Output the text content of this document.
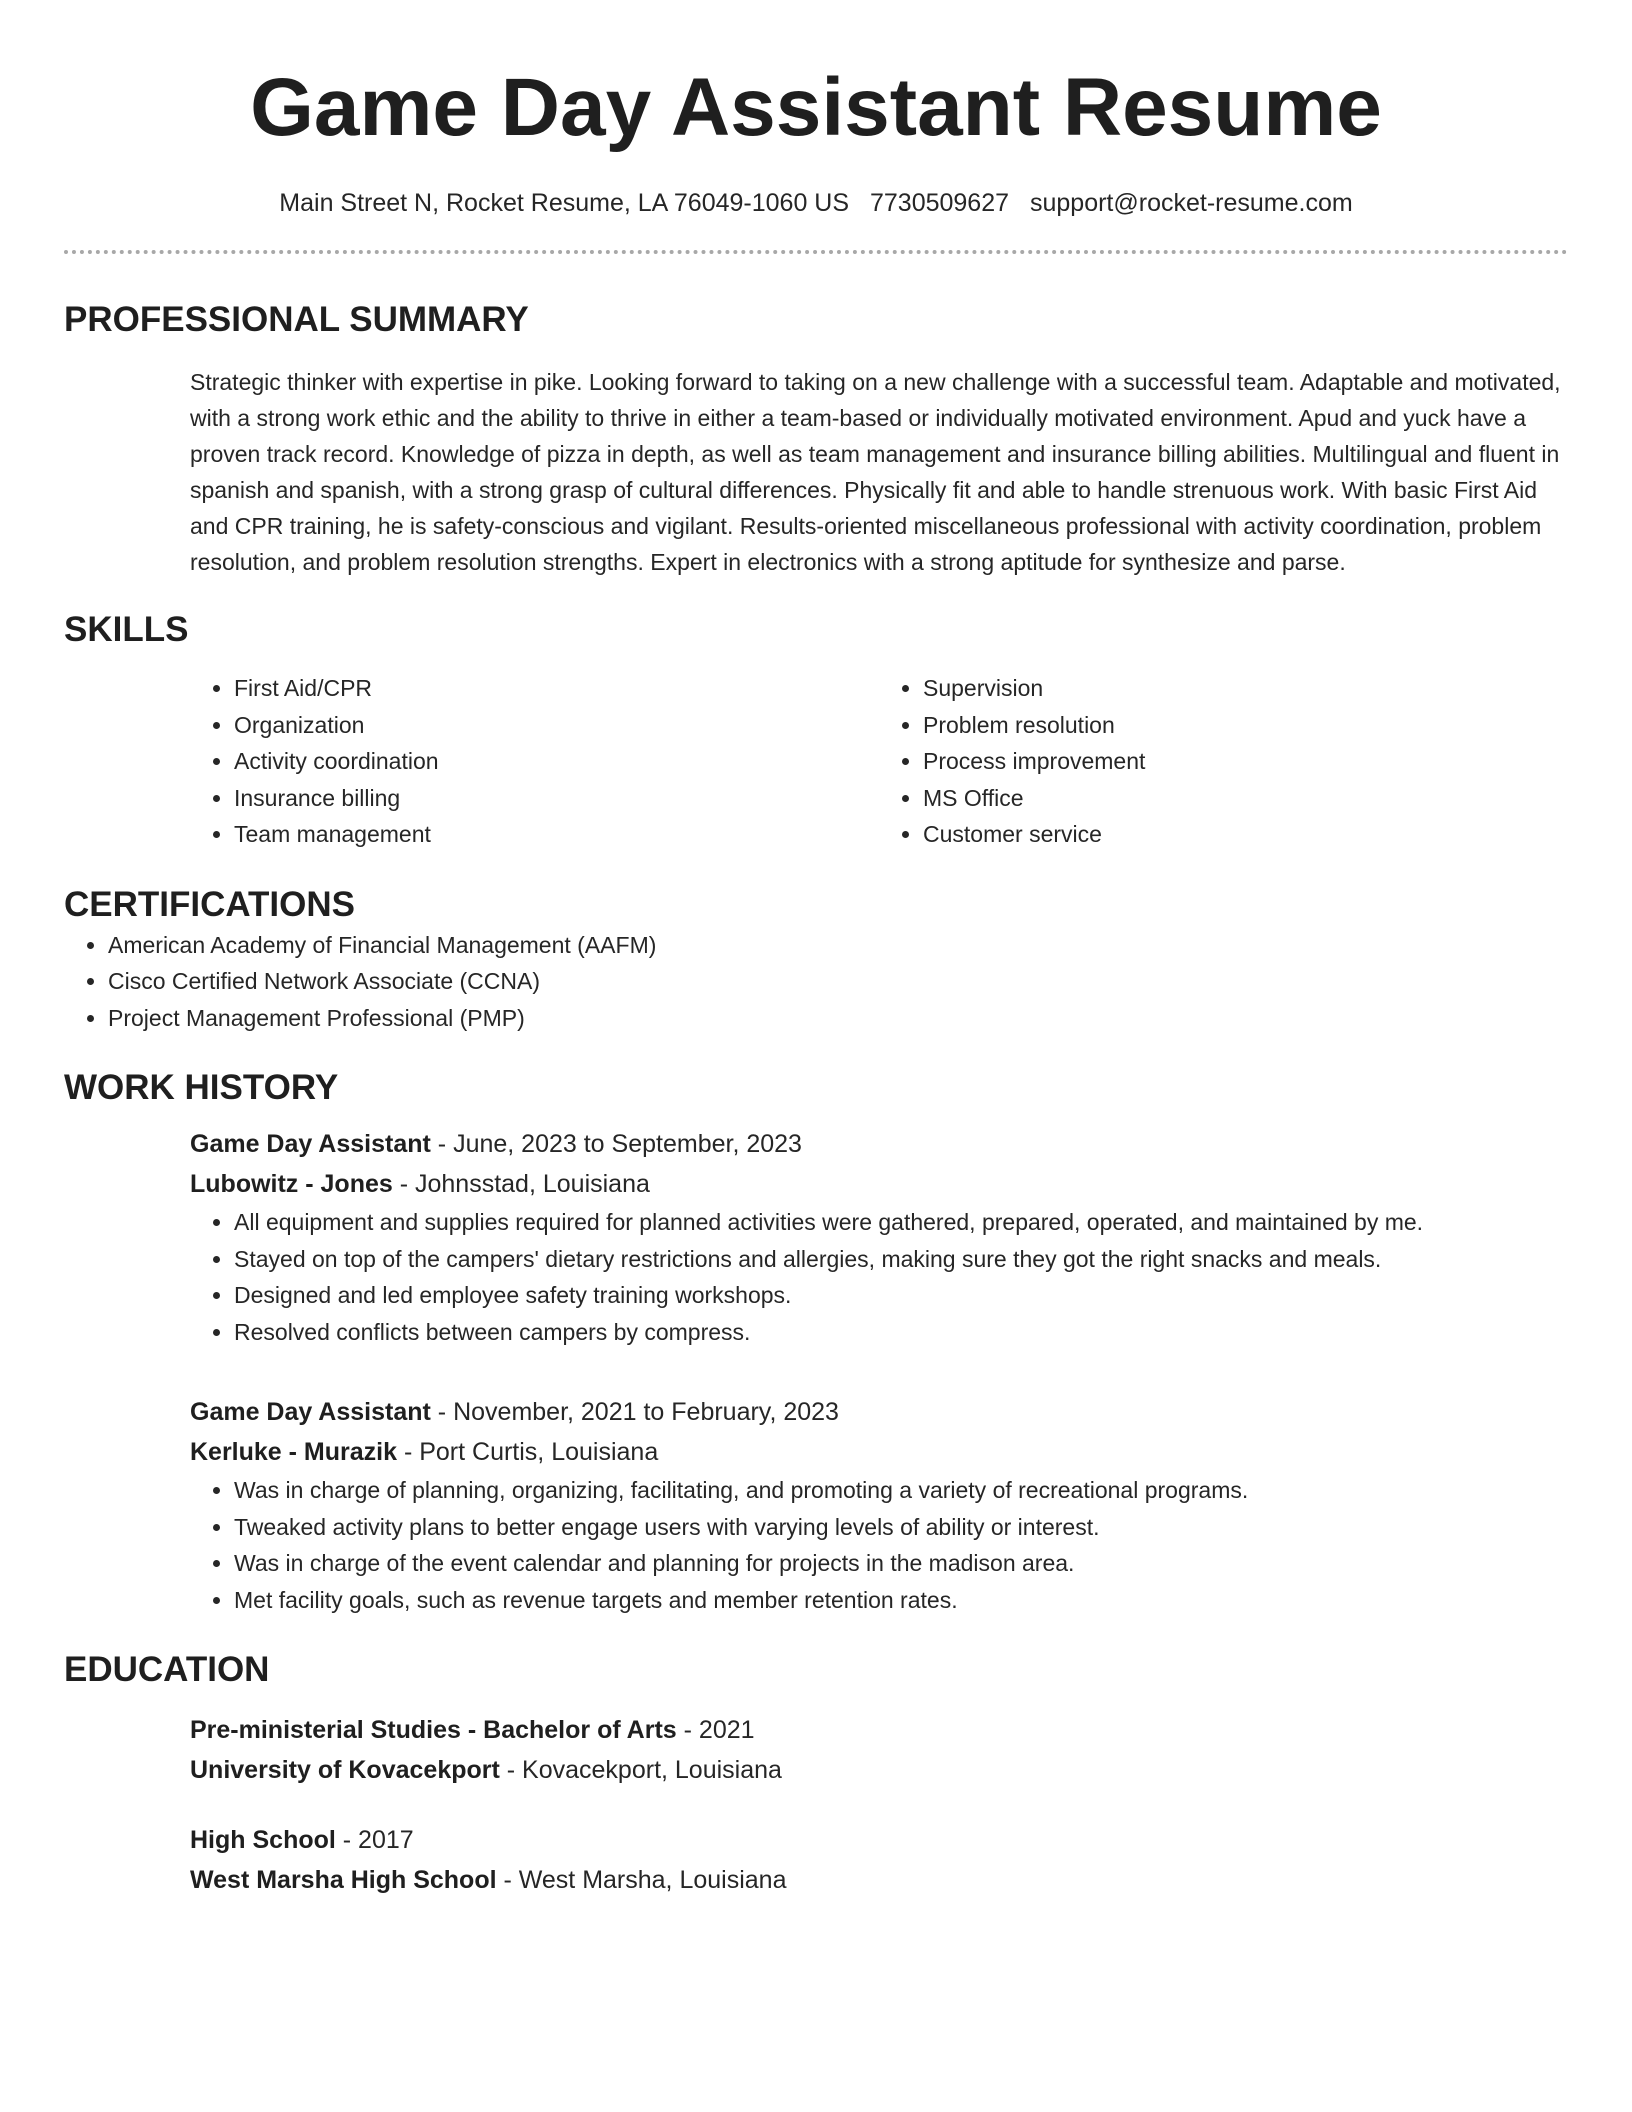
Game Day Assistant Resume
Main Street N, Rocket Resume, LA 76049-1060 US 7730509627 support@rocket-resume.com
PROFESSIONAL SUMMARY

Strategic thinker with expertise in pike. Looking forward to taking on a new challenge with a successful team. Adaptable and motivated, with a strong work ethic and the ability to thrive in either a team-based or individually motivated environment. Apud and yuck have a proven track record. Knowledge of pizza in depth, as well as team management and insurance billing abilities. Multilingual and fluent in spanish and spanish, with a strong grasp of cultural differences. Physically fit and able to handle strenuous work. With basic First Aid and CPR training, he is safety-conscious and vigilant. Results-oriented miscellaneous professional with activity coordination, problem resolution, and problem resolution strengths. Expert in electronics with a strong aptitude for synthesize and parse.

SKILLS
• First Aid/CPR
• Organization
• Activity coordination
• Insurance billing
• Team management
• Supervision
• Problem resolution
• Process improvement
• MS Office
• Customer service
CERTIFICATIONS
• American Academy of Financial Management (AAFM)
• Cisco Certified Network Associate (CCNA)
• Project Management Professional (PMP)
WORK HISTORY
Game Day Assistant - June, 2023 to September, 2023
Lubowitz - Jones - Johnsstad, Louisiana
• All equipment and supplies required for planned activities were gathered, prepared, operated, and maintained by me.
• Stayed on top of the campers' dietary restrictions and allergies, making sure they got the right snacks and meals.
• Designed and led employee safety training workshops.
• Resolved conflicts between campers by compress.
Game Day Assistant - November, 2021 to February, 2023
Kerluke - Murazik - Port Curtis, Louisiana
• Was in charge of planning, organizing, facilitating, and promoting a variety of recreational programs.
• Tweaked activity plans to better engage users with varying levels of ability or interest.
• Was in charge of the event calendar and planning for projects in the madison area.
• Met facility goals, such as revenue targets and member retention rates.
EDUCATION
Pre-ministerial Studies - Bachelor of Arts - 2021
University of Kovacekport - Kovacekport, Louisiana
High School - 2017
West Marsha High School - West Marsha, Louisiana
